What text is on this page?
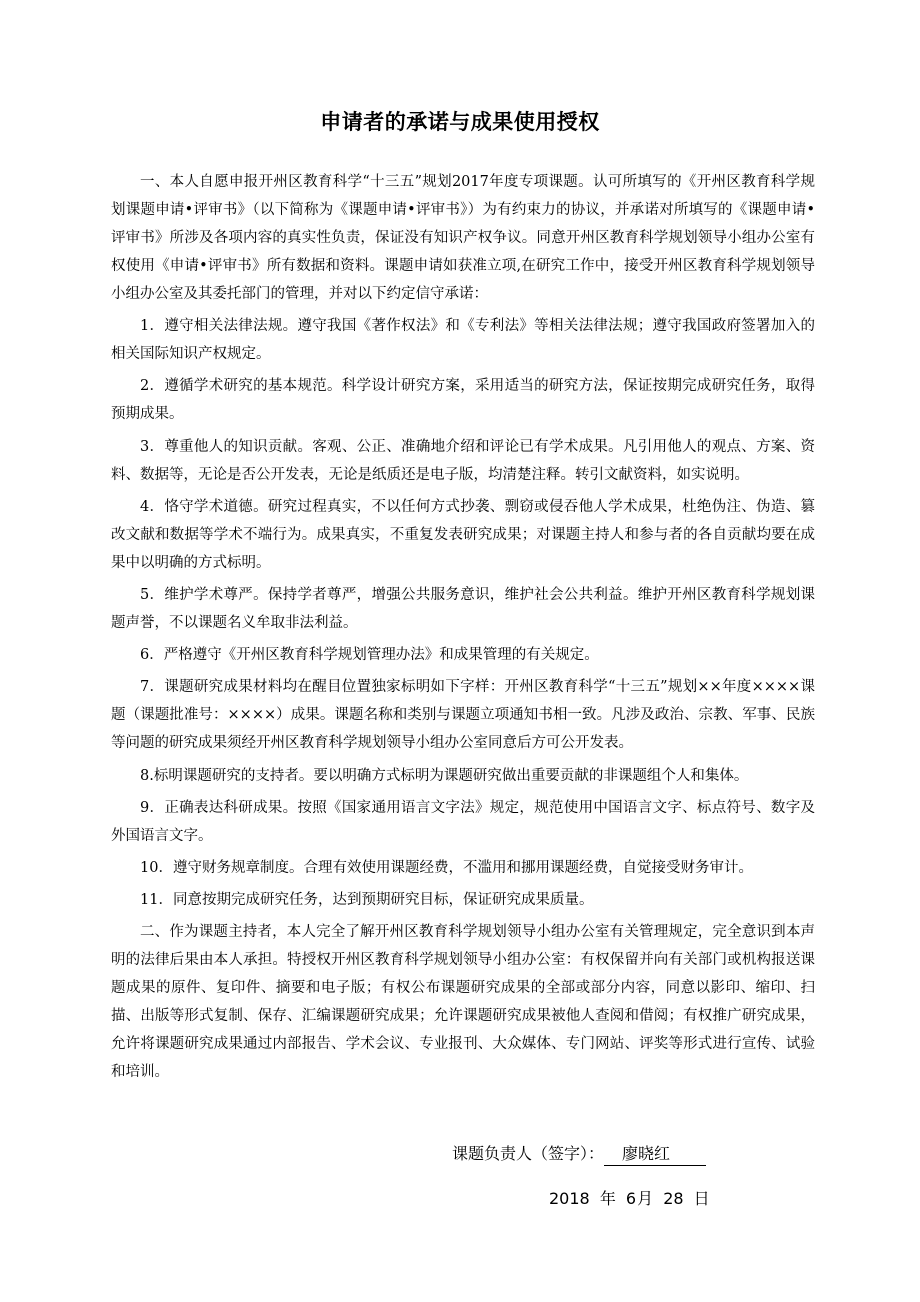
申请者的承诺与成果使用授权

一、本人自愿申报开州区教育科学“十三五”规划2017年度专项课题。认可所填写的《开州区教育科学规划课题申请•评审书》（以下简称为《课题申请•评审书》）为有约束力的协议，并承诺对所填写的《课题申请•评审书》所涉及各项内容的真实性负责，保证没有知识产权争议。同意开州区教育科学规划领导小组办公室有权使用《申请•评审书》所有数据和资料。课题申请如获准立项,在研究工作中，接受开州区教育科学规划领导小组办公室及其委托部门的管理，并对以下约定信守承诺：

1．遵守相关法律法规。遵守我国《著作权法》和《专利法》等相关法律法规；遵守我国政府签署加入的相关国际知识产权规定。

2．遵循学术研究的基本规范。科学设计研究方案，采用适当的研究方法，保证按期完成研究任务，取得预期成果。

3．尊重他人的知识贡献。客观、公正、准确地介绍和评论已有学术成果。凡引用他人的观点、方案、资料、数据等，无论是否公开发表，无论是纸质还是电子版，均清楚注释。转引文献资料，如实说明。

4．恪守学术道德。研究过程真实，不以任何方式抄袭、剽窃或侵吞他人学术成果，杜绝伪注、伪造、篡改文献和数据等学术不端行为。成果真实，不重复发表研究成果；对课题主持人和参与者的各自贡献均要在成果中以明确的方式标明。

5．维护学术尊严。保持学者尊严，增强公共服务意识，维护社会公共利益。维护开州区教育科学规划课题声誉，不以课题名义牟取非法利益。

6．严格遵守《开州区教育科学规划管理办法》和成果管理的有关规定。

7．课题研究成果材料均在醒目位置独家标明如下字样：开州区教育科学“十三五”规划××年度××××课题（课题批准号：××××）成果。课题名称和类别与课题立项通知书相一致。凡涉及政治、宗教、军事、民族等问题的研究成果须经开州区教育科学规划领导小组办公室同意后方可公开发表。

8.标明课题研究的支持者。要以明确方式标明为课题研究做出重要贡献的非课题组个人和集体。

9．正确表达科研成果。按照《国家通用语言文字法》规定，规范使用中国语言文字、标点符号、数字及外国语言文字。

10．遵守财务规章制度。合理有效使用课题经费，不滥用和挪用课题经费，自觉接受财务审计。

11．同意按期完成研究任务，达到预期研究目标，保证研究成果质量。

二、作为课题主持者，本人完全了解开州区教育科学规划领导小组办公室有关管理规定，完全意识到本声明的法律后果由本人承担。特授权开州区教育科学规划领导小组办公室：有权保留并向有关部门或机构报送课题成果的原件、复印件、摘要和电子版；有权公布课题研究成果的全部或部分内容，同意以影印、缩印、扫描、出版等形式复制、保存、汇编课题研究成果；允许课题研究成果被他人查阅和借阅；有权推广研究成果，允许将课题研究成果通过内部报告、学术会议、专业报刊、大众媒体、专门网站、评奖等形式进行宣传、试验和培训。

课题负责人（签字）： 廖晓红
2018 年 6月 28 日
